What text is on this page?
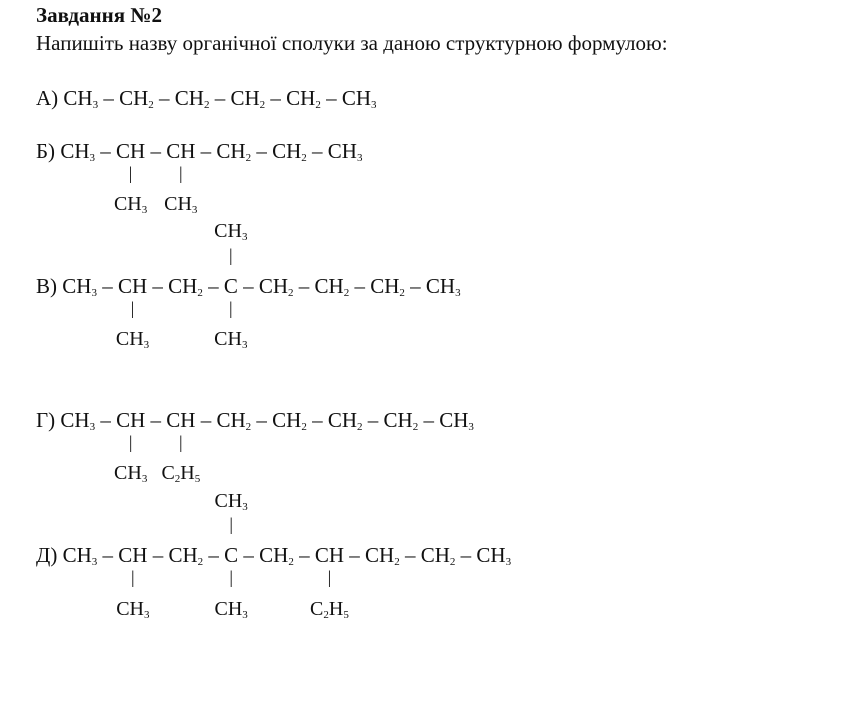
Завдання №2
Напишіть назву органічної сполуки за даною структурною формулою:
А) $CH_3 - CH_2 - CH_2 - CH_2 - CH_2 - CH_3$
Б) $CH_3$ – CH – CH – $CH_2 - CH_2 - CH_3$
|
$CH_3$
|
$CH_3$
В) $CH_3$ – CH – $CH_2$ – C – $CH_2 - CH_2 - CH_2 - CH_3$
|
$CH_3$
|
$CH_3$
|
$CH_3$
Г) $CH_3$ – CH – CH – $CH_2 - CH_2 - CH_2 - CH_2 - CH_3$
|
$CH_3$
|
$C_2H_5$
Д) $CH_3$ – CH – $CH_2$ – C – $CH_2$ – CH – $CH_2 - CH_2 - CH_3$
|
$CH_3$
|
$CH_3$
|
$CH_3$
|
$C_2H_5$
